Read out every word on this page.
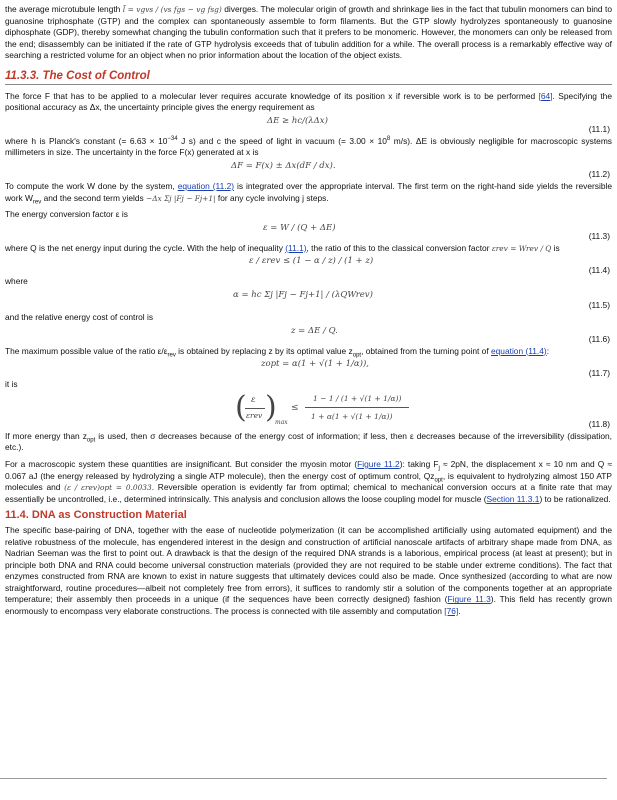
the average microtubule length l̄ = vgvs / (vs fgs − vg fsg) diverges. The molecular origin of growth and shrinkage lies in the fact that tubulin monomers can bind to guanosine triphosphate (GTP) and the complex can spontaneously assemble to form filaments. But the GTP slowly hydrolyzes spontaneously to guanosine diphosphate (GDP), thereby somewhat changing the tubulin conformation such that it prefers to be monomeric. However, the monomers can only be released from the end; disassembly can be initiated if the rate of GTP hydrolysis exceeds that of tubulin addition for a while. The overall process is a remarkably effective way of searching a restricted volume for an object when no prior information about the location of the object exists.

11.3.3. The Cost of Control

The force F that has to be applied to a molecular lever requires accurate knowledge of its position x if reversible work is to be performed [64]. Specifying the positional accuracy as Δx, the uncertainty principle gives the energy requirement as

ΔE ≥ hc/(λΔx)
(11.1)

where h is Planck's constant (= $6.63 \times 10^{-34}$ J s) and c the speed of light in vacuum (= $3.00 \times 10^8$ m/s). ΔE is obviously negligible for macroscopic systems millimeters in size. The uncertainty in the force F(x) generated at x is

ΔF = F(x) ± Δx(dF / dx).
(11.2)

To compute the work W done by the system, equation (11.2) is integrated over the appropriate interval. The first term on the right-hand side yields the reversible work $W_{rev}$ and the second term yields −Δx Σj |Fj − Fj+1| for any cycle involving j steps.

The energy conversion factor ε is

ε = W / (Q + ΔE)
(11.3)

where Q is the net energy input during the cycle. With the help of inequality (11.1), the ratio of this to the classical conversion factor εrev = Wrev / Q is

ε / εrev ≤ (1 − α / z) / (1 + z)
(11.4)

where

α = hc Σj |Fj − Fj+1| / (λQWrev)
(11.5)

and the relative energy cost of control is

z = ΔE / Q.
(11.6)

The maximum possible value of the ratio $\varepsilon/\varepsilon_{rev}$ is obtained by replacing z by its optimal value $z_{opt}$, obtained from the turning point of equation (11.4):

zopt = α(1 + √(1 + 1/α)),
(11.7)

it is

( ε
εrev )
max
≤
1 − 1 / (1 + √(1 + 1/α))
1 + α(1 + √(1 + 1/α))
(11.8)

If more energy than $z_{opt}$ is used, then σ decreases because of the energy cost of information; if less, then ε decreases because of the irreversibility (dissipation, etc.).

For a macroscopic system these quantities are insignificant. But consider the myosin motor (Figure 11.2): taking $F_j \approx 2pN$, the displacement x ≈ 10 nm and Q ≈ 0.067 aJ (the energy released by hydrolyzing a single ATP molecule), then the energy cost of optimum control, $Qz_{opt}$, is equivalent to hydrolyzing almost 150 ATP molecules and (ε / εrev)opt = 0.0033. Reversible operation is evidently far from optimal; chemical to mechanical conversion occurs at a finite rate that may essentially be uncontrolled, i.e., determined intrinsically. This analysis and conclusion allows the loose coupling model for muscle (Section 11.3.1) to be rationalized.

11.4. DNA as Construction Material

The specific base-pairing of DNA, together with the ease of nucleotide polymerization (it can be accomplished artificially using automated equipment) and the relative robustness of the molecule, has engendered interest in the design and construction of artificial nanoscale artifacts of arbitrary shape made from DNA, as Nadrian Seeman was the first to point out. A drawback is that the design of the required DNA strands is a laborious, empirical process (at least at present); but in principle both DNA and RNA could become universal construction materials (provided they are not required to be stable under extreme conditions). The fact that enzymes constructed from RNA are known to exist in nature suggests that ultimately devices could also be made. Once synthesized (according to what are now straightforward, routine procedures—albeit not completely free from errors), it suffices to randomly stir a solution of the components together at an appropriate temperature; their assembly then proceeds in a unique (if the sequences have been correctly designed) fashion (Figure 11.3). This field has recently grown enormously to encompass very elaborate constructions. The process is connected with tile assembly and computation [76].
